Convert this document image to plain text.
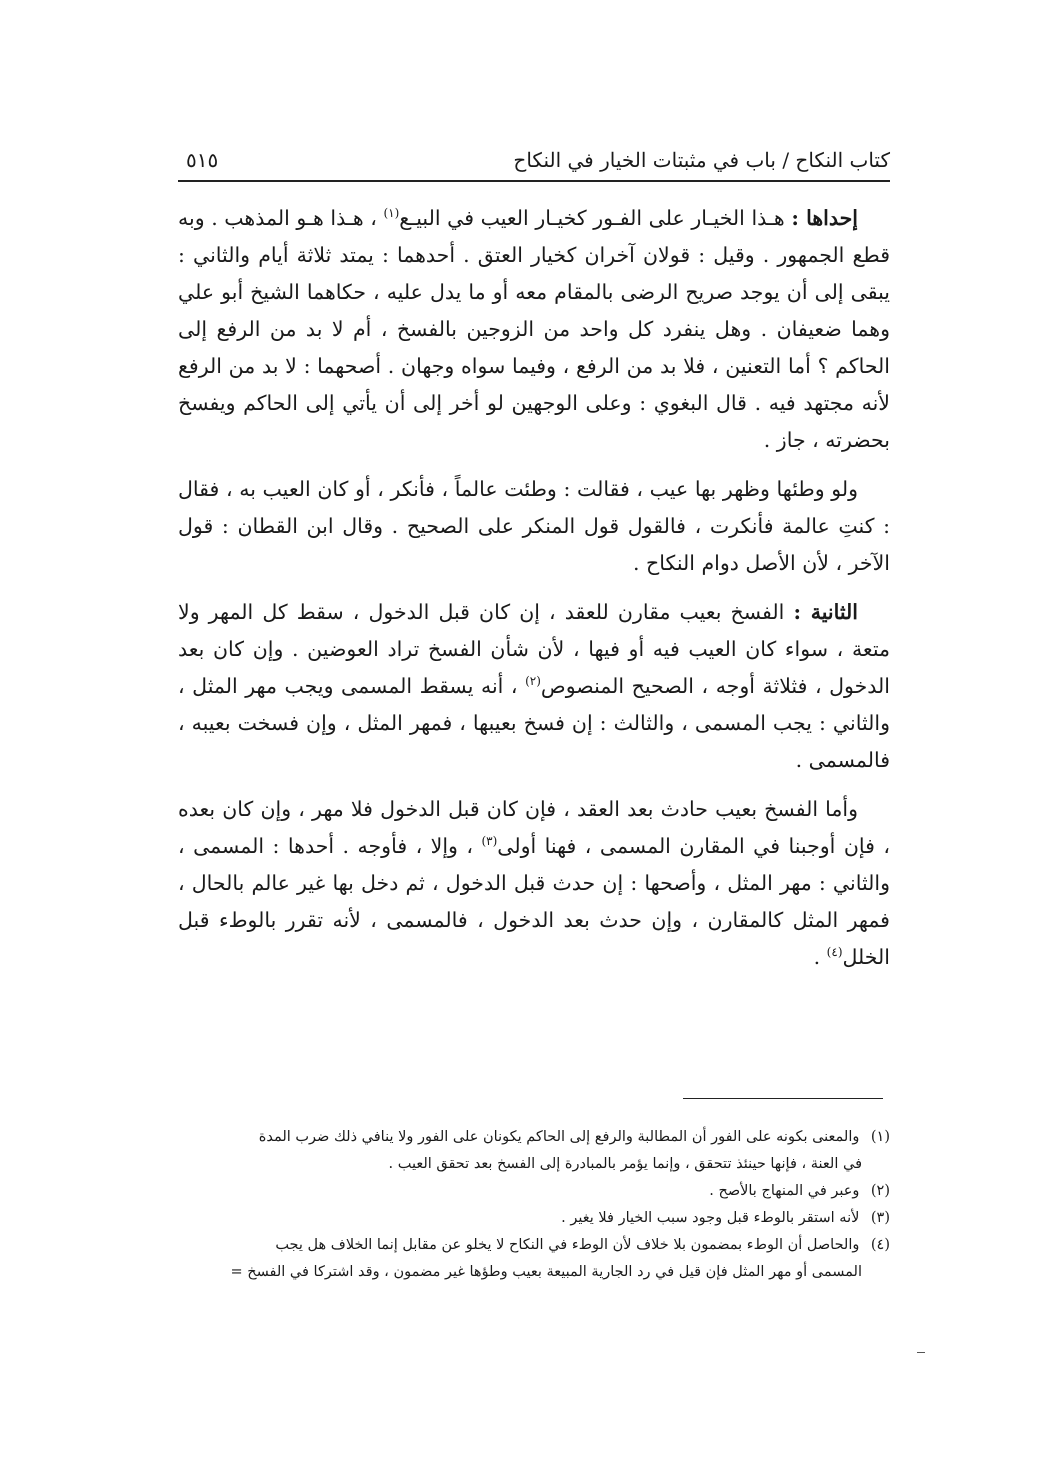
كتاب النكاح / باب في مثبتات الخيار في النكاح
٥١٥

إحداها : هـذا الخيـار على الفـور كخيـار العيب في البيـع$^{(١)}$ ، هـذا هـو المذهب . وبه قطع الجمهور . وقيل : قولان آخران كخيار العتق . أحدهما : يمتد ثلاثة أيام والثاني : يبقى إلى أن يوجد صريح الرضى بالمقام معه أو ما يدل عليه ، حكاهما الشيخ أبو علي وهما ضعيفان . وهل ينفرد كل واحد من الزوجين بالفسخ ، أم لا بد من الرفع إلى الحاكم ؟ أما التعنين ، فلا بد من الرفع ، وفيما سواه وجهان . أصحهما : لا بد من الرفع لأنه مجتهد فيه . قال البغوي : وعلى الوجهين لو أخر إلى أن يأتي إلى الحاكم ويفسخ بحضرته ، جاز .

ولو وطئها وظهر بها عيب ، فقالت : وطئت عالماً ، فأنكر ، أو كان العيب به ، فقال : كنتِ عالمة فأنكرت ، فالقول قول المنكر على الصحيح . وقال ابن القطان : قول الآخر ، لأن الأصل دوام النكاح .

الثانية : الفسخ بعيب مقارن للعقد ، إن كان قبل الدخول ، سقط كل المهر ولا متعة ، سواء كان العيب فيه أو فيها ، لأن شأن الفسخ تراد العوضين . وإن كان بعد الدخول ، فثلاثة أوجه ، الصحيح المنصوص$^{(٢)}$ ، أنه يسقط المسمى ويجب مهر المثل ، والثاني : يجب المسمى ، والثالث : إن فسخ بعيبها ، فمهر المثل ، وإن فسخت بعيبه ، فالمسمى .

وأما الفسخ بعيب حادث بعد العقد ، فإن كان قبل الدخول فلا مهر ، وإن كان بعده ، فإن أوجبنا في المقارن المسمى ، فهنا أولى$^{(٣)}$ ، وإلا ، فأوجه . أحدها : المسمى ، والثاني : مهر المثل ، وأصحها : إن حدث قبل الدخول ، ثم دخل بها غير عالم بالحال ، فمهر المثل كالمقارن ، وإن حدث بعد الدخول ، فالمسمى ، لأنه تقرر بالوطء قبل الخلل$^{(٤)}$ .

(١) والمعنى بكونه على الفور أن المطالبة والرفع إلى الحاكم يكونان على الفور ولا ينافي ذلك ضرب المدة

في العنة ، فإنها حينئذ تتحقق ، وإنما يؤمر بالمبادرة إلى الفسخ بعد تحقق العيب .

(٢) وعبر في المنهاج بالأصح .

(٣) لأنه استقر بالوطء قبل وجود سبب الخيار فلا يغير .

(٤) والحاصل أن الوطء بمضمون بلا خلاف لأن الوطء في النكاح لا يخلو عن مقابل إنما الخلاف هل يجب

المسمى أو مهر المثل فإن قيل في رد الجارية المبيعة بعيب وطؤها غير مضمون ، وقد اشتركا في الفسخ =
